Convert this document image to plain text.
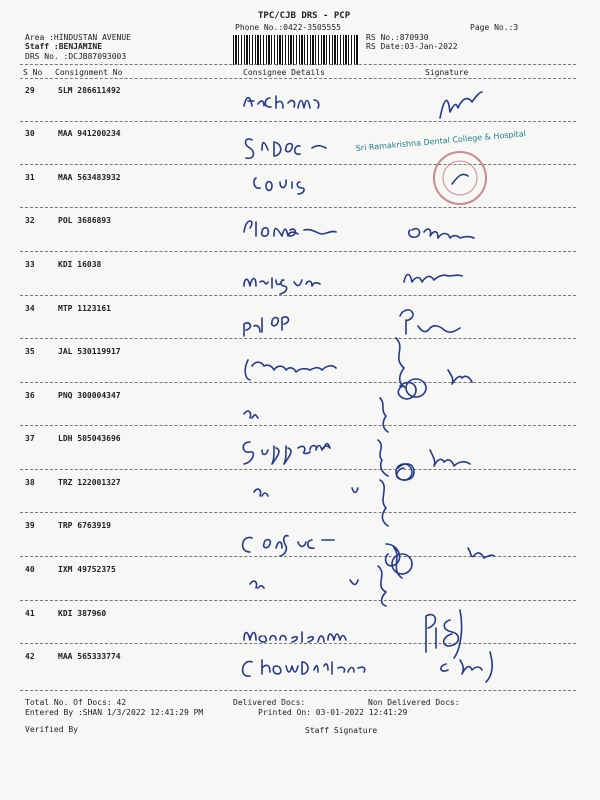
TPC/CJB DRS - PCP
Phone No.:0422-3505555	Page No.:3
Area :HINDUSTAN AVENUE
Staff :BENJAMINE
DRS No. :DCJB87093003
RS No.:870930
RS Date:03-Jan-2022
S No Consignment No	Consignee Details	Signature
29	SLM 286611492
30	MAA 941200234
31	MAA 563483932
32	POL 3686893
33	KDI 16038
34	MTP 1123161
35	JAL 530119917
36	PNQ 300004347
37	LDH 505043696
38	TRZ 122001327
39	TRP 6763919
40	IXM 49752375
41	KDI 387960
42	MAA 565333774
Sri Ramakrishna Dental College & Hospital
Total No. Of Docs: 42	Delivered Docs:	Non Delivered Docs:
Entered By :SHAN 1/3/2022 12:41:29 PM	Printed On: 03-01-2022 12:41:29
Verified By	Staff Signature
